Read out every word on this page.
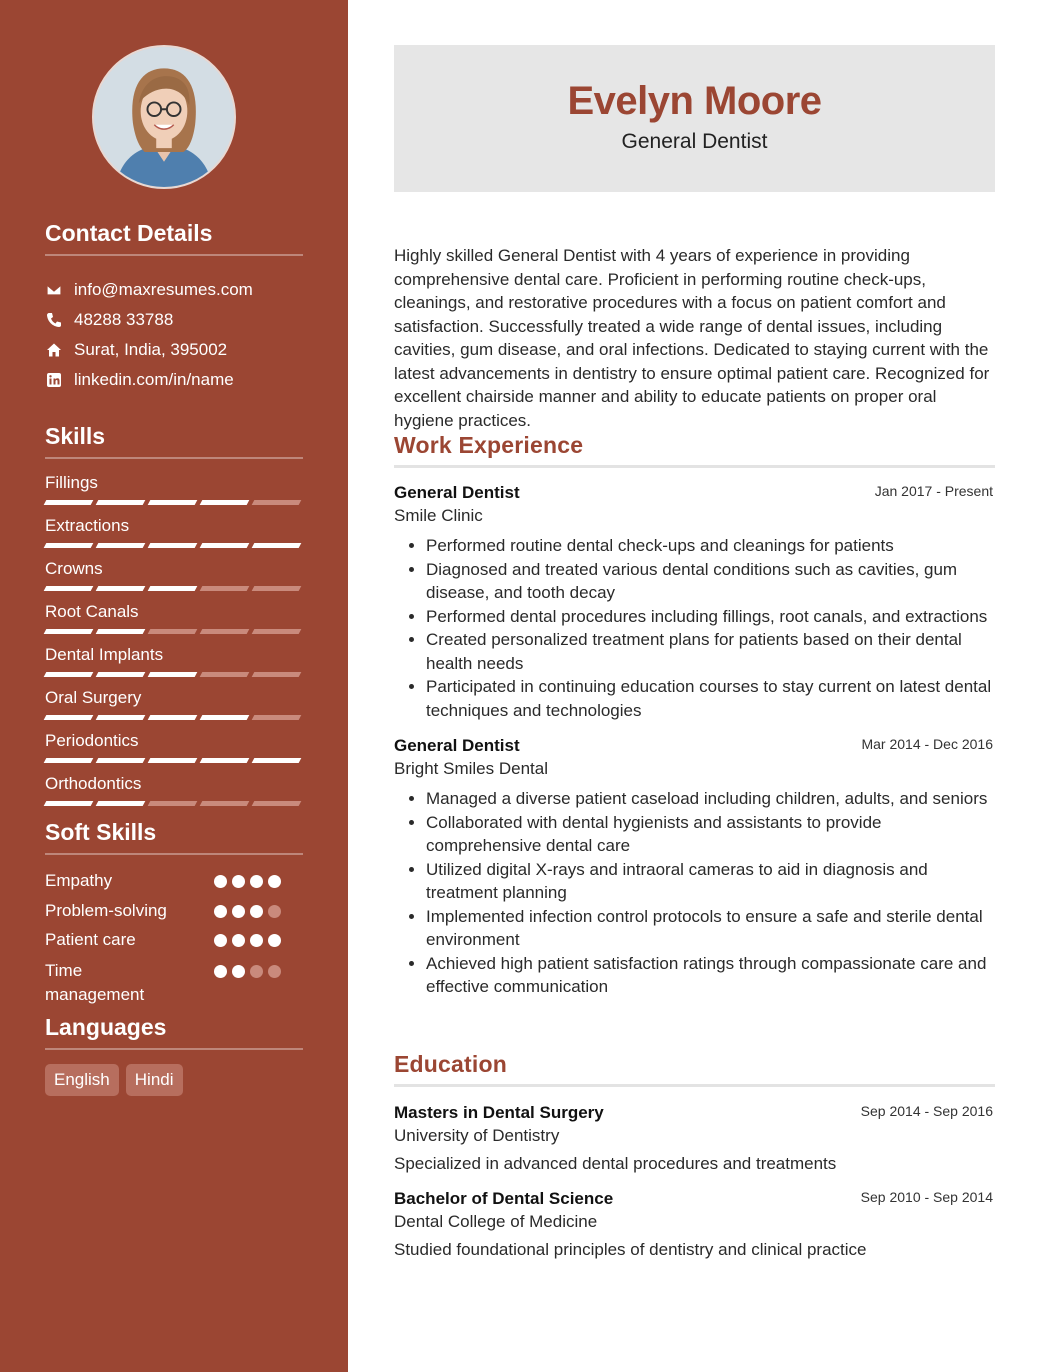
Contact Details
info@maxresumes.com
48288 33788
Surat, India, 395002
linkedin.com/in/name
Skills
Fillings
Extractions
Crowns
Root Canals
Dental Implants
Oral Surgery
Periodontics
Orthodontics
Soft Skills
Empathy
Problem-solving
Patient care
Time management
Languages
English	Hindi
Evelyn Moore
General Dentist

Highly skilled General Dentist with 4 years of experience in providing comprehensive dental care. Proficient in performing routine check-ups, cleanings, and restorative procedures with a focus on patient comfort and satisfaction. Successfully treated a wide range of dental issues, including cavities, gum disease, and oral infections. Dedicated to staying current with the latest advancements in dentistry to ensure optimal patient care. Recognized for excellent chairside manner and ability to educate patients on proper oral hygiene practices.

Work Experience
General Dentist	Jan 2017 - Present
Smile Clinic
• Performed routine dental check-ups and cleanings for patients
• Diagnosed and treated various dental conditions such as cavities, gum disease, and tooth decay
• Performed dental procedures including fillings, root canals, and extractions
• Created personalized treatment plans for patients based on their dental health needs
• Participated in continuing education courses to stay current on latest dental techniques and technologies
General Dentist	Mar 2014 - Dec 2016
Bright Smiles Dental
• Managed a diverse patient caseload including children, adults, and seniors
• Collaborated with dental hygienists and assistants to provide comprehensive dental care
• Utilized digital X-rays and intraoral cameras to aid in diagnosis and treatment planning
• Implemented infection control protocols to ensure a safe and sterile dental environment
• Achieved high patient satisfaction ratings through compassionate care and effective communication
Education
Masters in Dental Surgery	Sep 2014 - Sep 2016
University of Dentistry
Specialized in advanced dental procedures and treatments
Bachelor of Dental Science	Sep 2010 - Sep 2014
Dental College of Medicine
Studied foundational principles of dentistry and clinical practice
